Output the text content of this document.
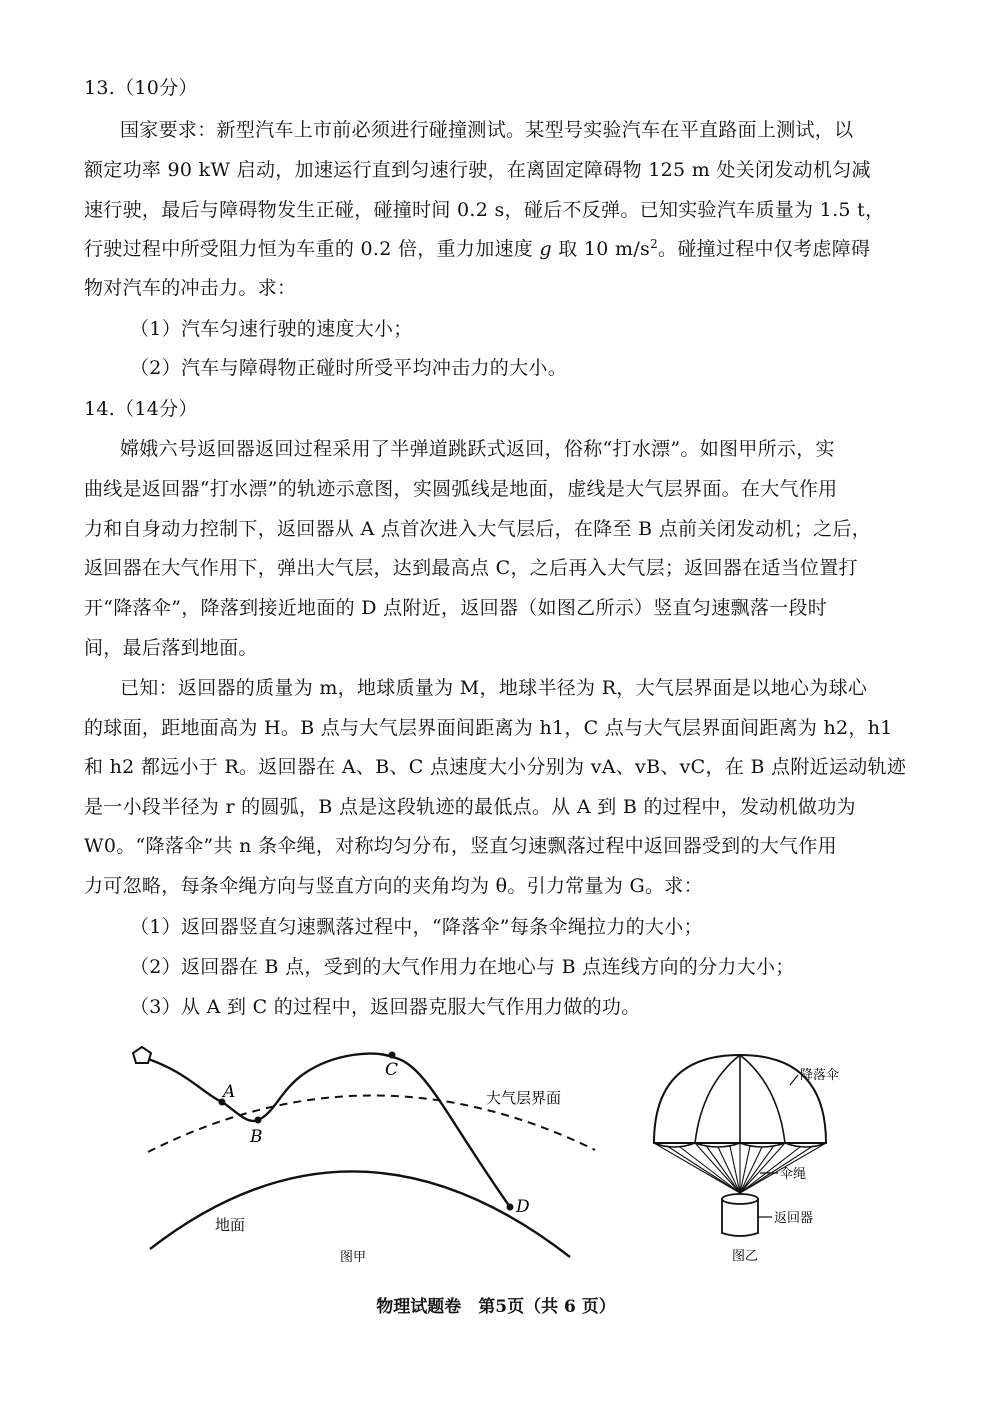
13.（10分）
国家要求：新型汽车上市前必须进行碰撞测试。某型号实验汽车在平直路面上测试，以
额定功率 90 kW 启动，加速运行直到匀速行驶，在离固定障碍物 125 m 处关闭发动机匀减
速行驶，最后与障碍物发生正碰，碰撞时间 0.2 s，碰后不反弹。已知实验汽车质量为 1.5 t，
行驶过程中所受阻力恒为车重的 0.2 倍，重力加速度 g 取 10 $m/s^2$。碰撞过程中仅考虑障碍
物对汽车的冲击力。求：
（1）汽车匀速行驶的速度大小；
（2）汽车与障碍物正碰时所受平均冲击力的大小。
14.（14分）
嫦娥六号返回器返回过程采用了半弹道跳跃式返回，俗称“打水漂”。如图甲所示，实
曲线是返回器“打水漂”的轨迹示意图，实圆弧线是地面，虚线是大气层界面。在大气作用
力和自身动力控制下，返回器从 A 点首次进入大气层后，在降至 B 点前关闭发动机；之后，
返回器在大气作用下，弹出大气层，达到最高点 C，之后再入大气层；返回器在适当位置打
开“降落伞”，降落到接近地面的 D 点附近，返回器（如图乙所示）竖直匀速飘落一段时
间，最后落到地面。
已知：返回器的质量为 m，地球质量为 M，地球半径为 R，大气层界面是以地心为球心
的球面，距地面高为 H。B 点与大气层界面间距离为 h1，C 点与大气层界面间距离为 h2，h1
和 h2 都远小于 R。返回器在 A、B、C 点速度大小分别为 vA、vB、vC，在 B 点附近运动轨迹
是一小段半径为 r 的圆弧，B 点是这段轨迹的最低点。从 A 到 B 的过程中，发动机做功为
W0。“降落伞”共 n 条伞绳，对称均匀分布，竖直匀速飘落过程中返回器受到的大气作用
力可忽略，每条伞绳方向与竖直方向的夹角均为 θ。引力常量为 G。求：
（1）返回器竖直匀速飘落过程中，“降落伞”每条伞绳拉力的大小；
（2）返回器在 B 点，受到的大气作用力在地心与 B 点连线方向的分力大小；
（3）从 A 到 C 的过程中，返回器克服大气作用力做的功。
A
B
C
D
大气层界面
地面
图甲
降落伞
伞绳
返回器
图乙
物理试题卷　第5页（共 6 页）
